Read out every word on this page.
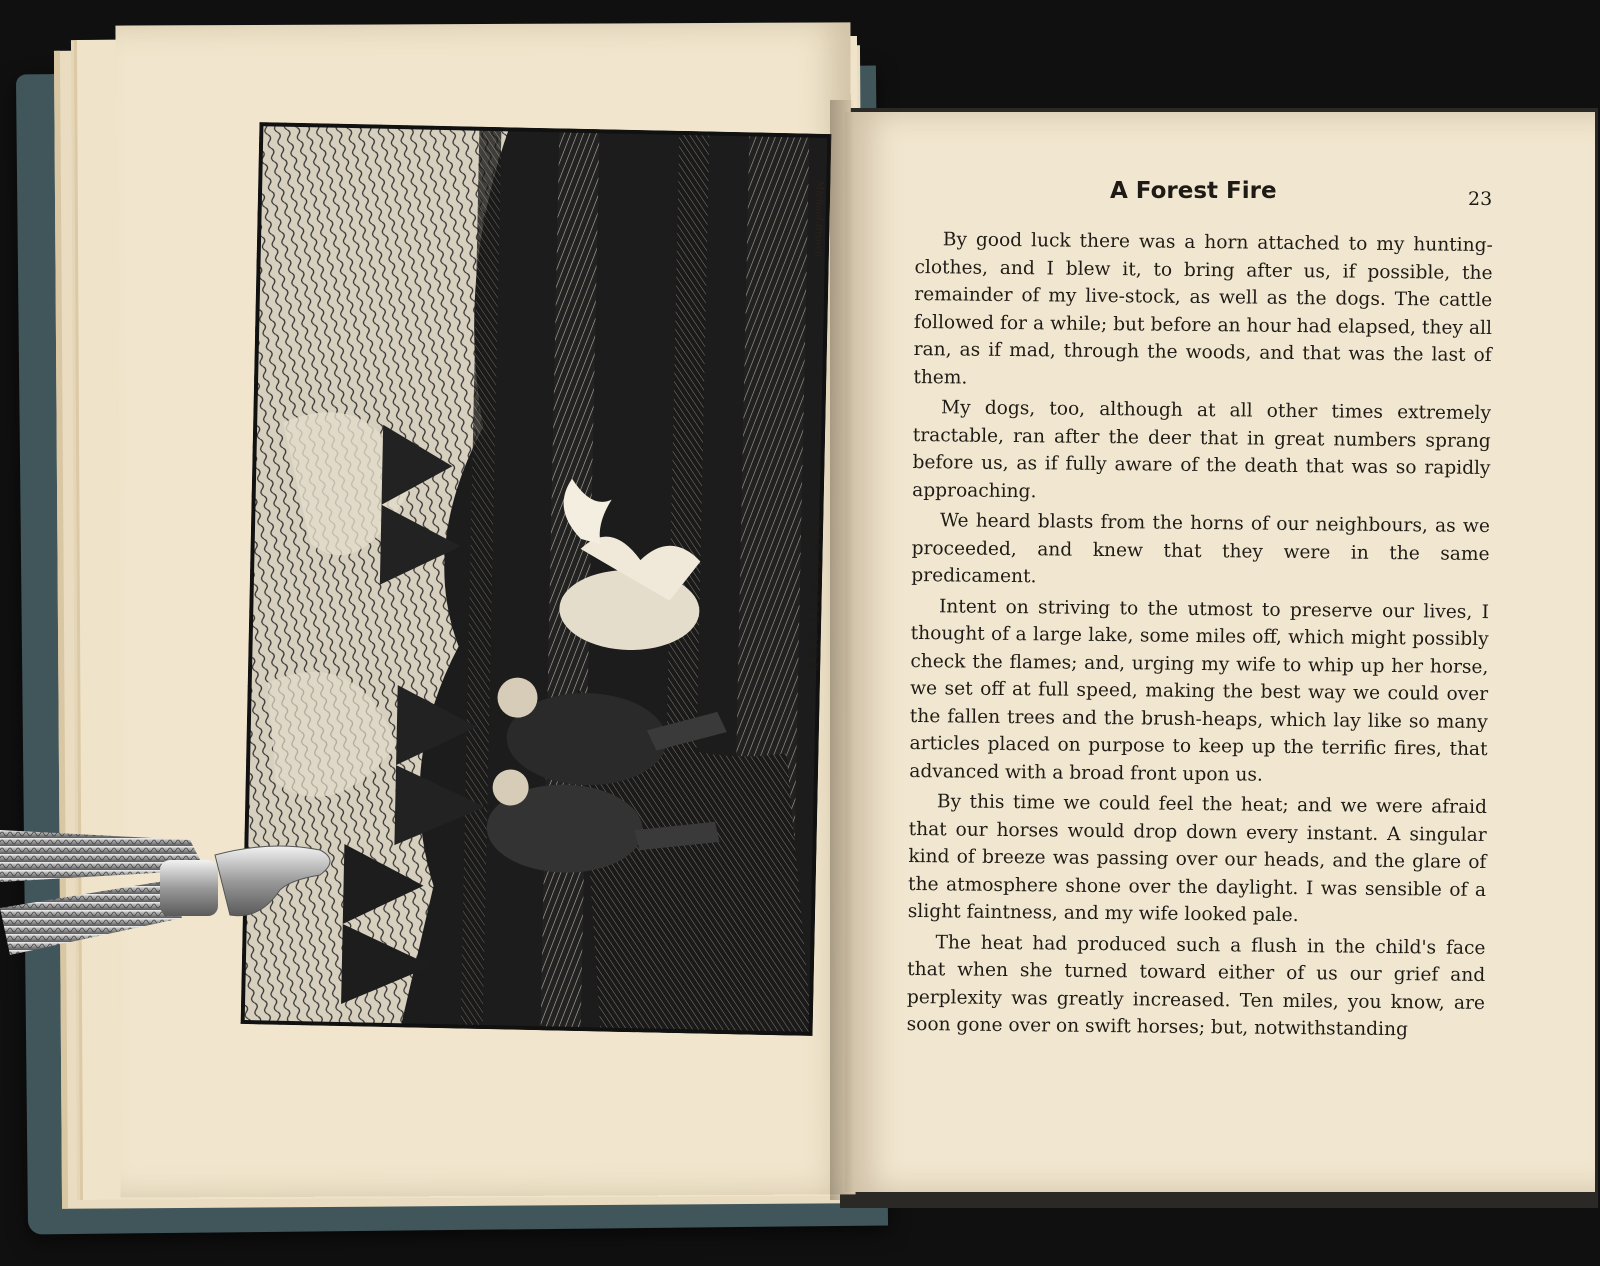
THE FOREST FIRE.
Michael Brown.	A Forest Fire	23

By good luck there was a horn attached to my hunting-clothes, and I blew it, to bring after us, if possible, the remainder of my live-stock, as well as the dogs. The cattle followed for a while; but before an hour had elapsed, they all ran, as if mad, through the woods, and that was the last of them.

My dogs, too, although at all other times extremely tractable, ran after the deer that in great numbers sprang before us, as if fully aware of the death that was so rapidly approaching.

We heard blasts from the horns of our neighbours, as we proceeded, and knew that they were in the same predicament.

Intent on striving to the utmost to preserve our lives, I thought of a large lake, some miles off, which might possibly check the flames; and, urging my wife to whip up her horse, we set off at full speed, making the best way we could over the fallen trees and the brush-heaps, which lay like so many articles placed on purpose to keep up the terrific fires, that advanced with a broad front upon us.

By this time we could feel the heat; and we were afraid that our horses would drop down every instant. A singular kind of breeze was passing over our heads, and the glare of the atmosphere shone over the daylight. I was sensible of a slight faintness, and my wife looked pale.

The heat had produced such a flush in the child's face that when she turned toward either of us our grief and perplexity was greatly increased. Ten miles, you know, are soon gone over on swift horses; but, notwithstanding
